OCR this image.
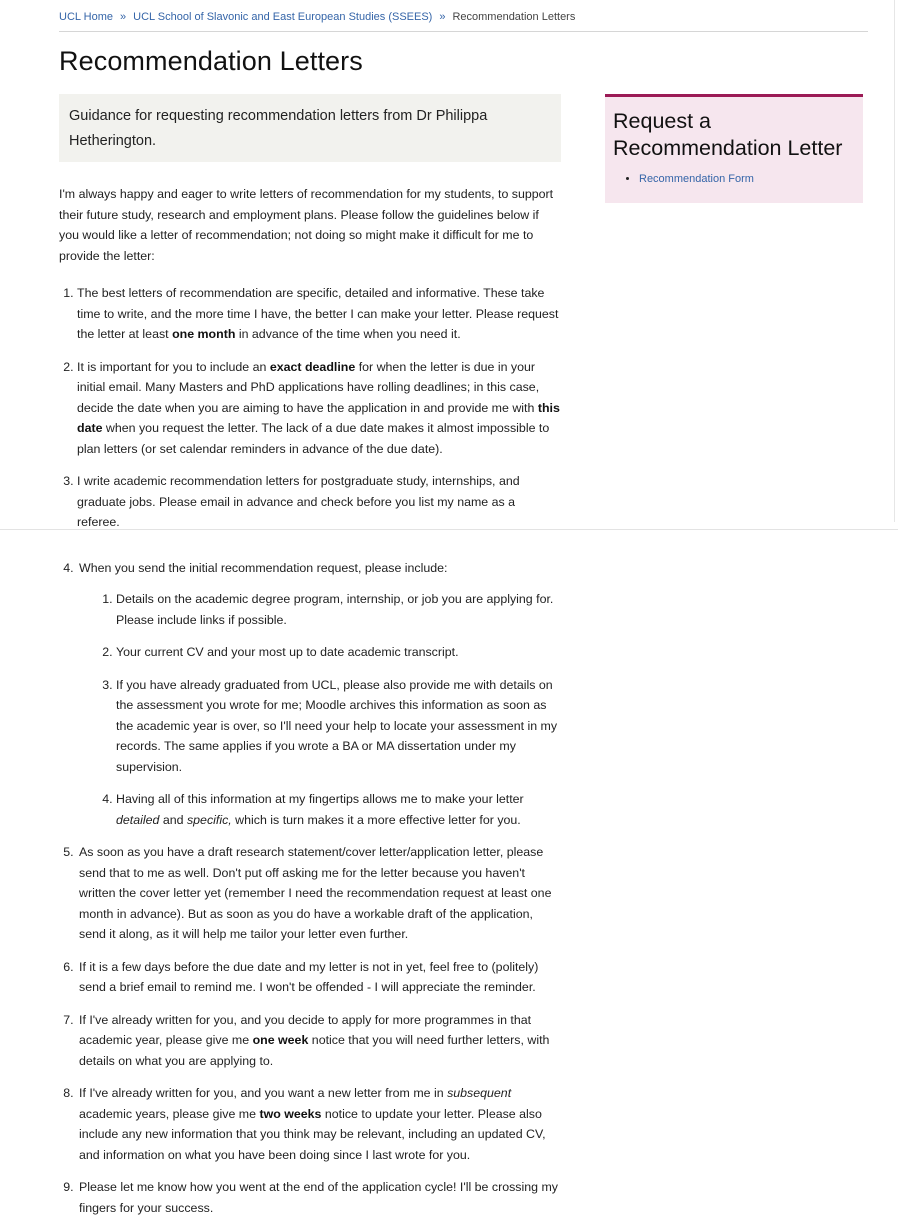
UCL Home » UCL School of Slavonic and East European Studies (SSEES) » Recommendation Letters
Recommendation Letters
Guidance for requesting recommendation letters from Dr Philippa Hetherington.

I'm always happy and eager to write letters of recommendation for my students, to support their future study, research and employment plans. Please follow the guidelines below if you would like a letter of recommendation; not doing so might make it difficult for me to provide the letter:

1. The best letters of recommendation are specific, detailed and informative. These take time to write, and the more time I have, the better I can make your letter. Please request the letter at least one month in advance of the time when you need it.
2. It is important for you to include an exact deadline for when the letter is due in your initial email. Many Masters and PhD applications have rolling deadlines; in this case, decide the date when you are aiming to have the application in and provide me with this date when you request the letter. The lack of a due date makes it almost impossible to plan letters (or set calendar reminders in advance of the due date).
3. I write academic recommendation letters for postgraduate study, internships, and graduate jobs. Please email in advance and check before you list my name as a referee.
4. When you send the initial recommendation request, please include:
1. Details on the academic degree program, internship, or job you are applying for. Please include links if possible.
2. Your current CV and your most up to date academic transcript.
3. If you have already graduated from UCL, please also provide me with details on the assessment you wrote for me; Moodle archives this information as soon as the academic year is over, so I'll need your help to locate your assessment in my records. The same applies if you wrote a BA or MA dissertation under my supervision.
4. Having all of this information at my fingertips allows me to make your letter detailed and specific, which is turn makes it a more effective letter for you.
5. As soon as you have a draft research statement/cover letter/application letter, please send that to me as well. Don't put off asking me for the letter because you haven't written the cover letter yet (remember I need the recommendation request at least one month in advance). But as soon as you do have a workable draft of the application, send it along, as it will help me tailor your letter even further.
6. If it is a few days before the due date and my letter is not in yet, feel free to (politely) send a brief email to remind me. I won't be offended - I will appreciate the reminder.
7. If I've already written for you, and you decide to apply for more programmes in that academic year, please give me one week notice that you will need further letters, with details on what you are applying to.
8. If I've already written for you, and you want a new letter from me in subsequent academic years, please give me two weeks notice to update your letter. Please also include any new information that you think may be relevant, including an updated CV, and information on what you have been doing since I last wrote for you.
9. Please let me know how you went at the end of the application cycle! I'll be crossing my fingers for your success.
Request a Recommendation Letter
• Recommendation Form
